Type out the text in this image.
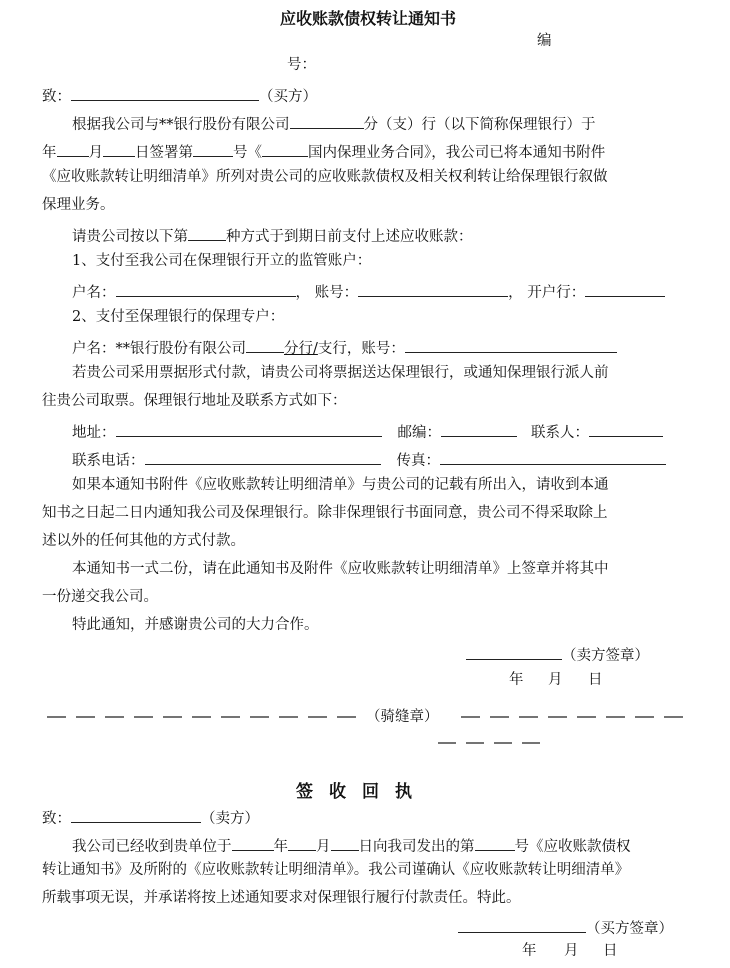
应收账款债权转让通知书
编
号：
致：	（买方）
根据我公司与**银行股份有限公司	分（支）行（以下简称保理银行）于
年 月 日签署第	号《	国内保理业务合同》，我公司已将本通知书附件
《应收账款转让明细清单》所列对贵公司的应收账款债权及相关权利转让给保理银行叙做
保理业务。
请贵公司按以下第	种方式于到期日前支付上述应收账款：
1、支付至我公司在保理银行开立的监管账户：
户名：	， 账号：	， 开户行：
2、支付至保理银行的保理专户：
户名：**银行股份有限公司	分行/支行，账号：
若贵公司采用票据形式付款，请贵公司将票据送达保理银行，或通知保理银行派人前
往贵公司取票。保理银行地址及联系方式如下：
地址：	邮编：	联系人：
联系电话：	传真：
如果本通知书附件《应收账款转让明细清单》与贵公司的记载有所出入，请收到本通
知书之日起二日内通知我公司及保理银行。除非保理银行书面同意，贵公司不得采取除上
述以外的任何其他的方式付款。
本通知书一式二份，请在此通知书及附件《应收账款转让明细清单》上签章并将其中
一份递交我公司。
特此通知，并感谢贵公司的大力合作。
（卖方签章）
年 月 日
（骑缝章）
签收回执
致：	（卖方）
我公司已经收到贵单位于	年 月 日向我司发出的第	号《应收账款债权
转让通知书》及所附的《应收账款转让明细清单》。我公司谨确认《应收账款转让明细清单》
所载事项无误，并承诺将按上述通知要求对保理银行履行付款责任。特此。
（买方签章）
年 月 日
